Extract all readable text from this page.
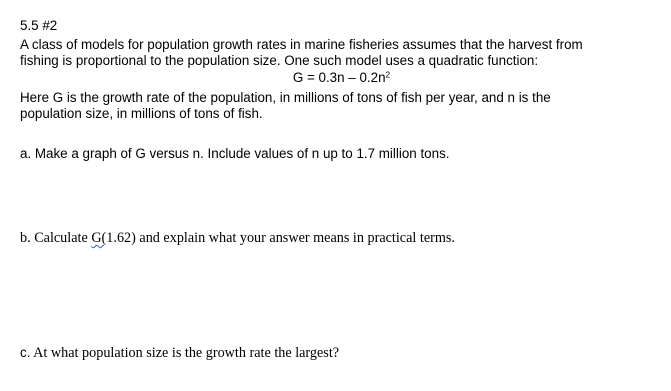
5.5 #2
A class of models for population growth rates in marine fisheries assumes that the harvest from
fishing is proportional to the population size. One such model uses a quadratic function:
$G = 0.3n - 0.2n^2$
Here G is the growth rate of the population, in millions of tons of fish per year, and n is the
population size, in millions of tons of fish.
a. Make a graph of G versus n. Include values of n up to 1.7 million tons.
b. Calculate G(1.62) and explain what your answer means in practical terms.
c. At what population size is the growth rate the largest?
